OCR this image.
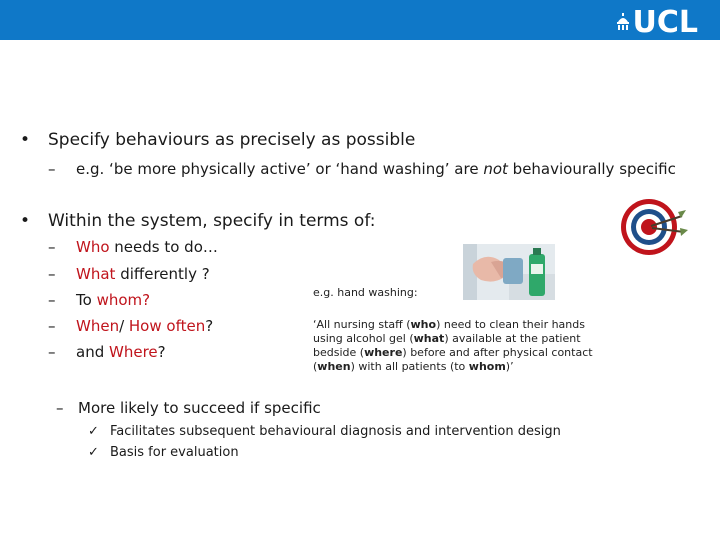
UCL
• Specify behaviours as precisely as possible
– e.g. ‘be more physically active’ or ‘hand washing’ are not behaviourally specific
• Within the system, specify in terms of:
– Who needs to do…
– What differently ?
– To whom?
– When/ How often?
– and Where?
e.g. hand washing:
‘All nursing staff (who) need to clean their hands using alcohol gel (what) available at the patient bedside (where) before and after physical contact (when) with all patients (to whom)’
– More likely to succeed if specific
✓ Facilitates subsequent behavioural diagnosis and intervention design
✓ Basis for evaluation
